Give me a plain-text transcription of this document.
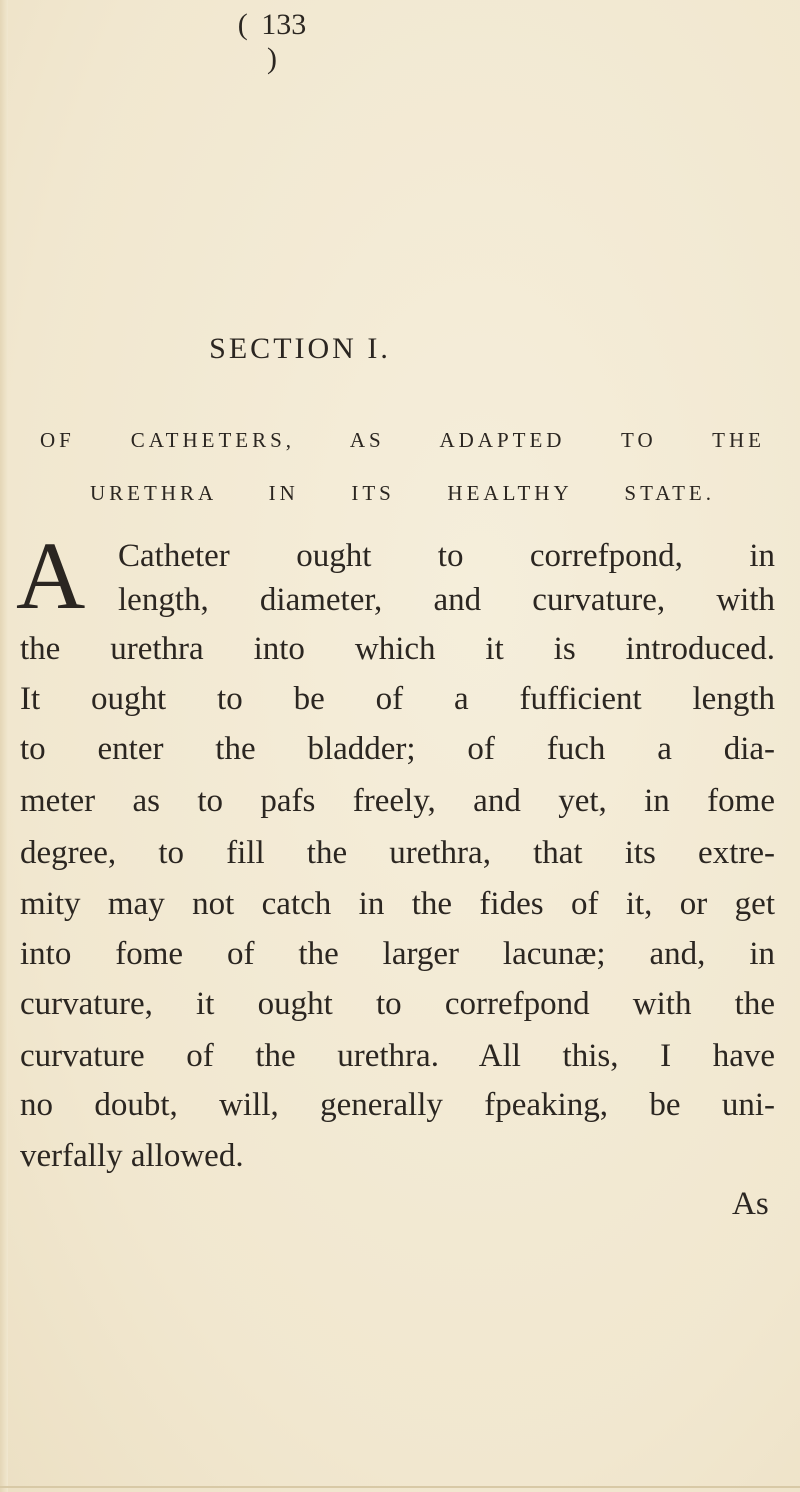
( 133 )
SECTION I.
OF CATHETERS, AS ADAPTED TO THE
URETHRA IN ITS HEALTHY STATE.
A Catheter ought to correfpond, in
length, diameter, and curvature, with
the urethra into which it is introduced.
It ought to be of a fufficient length
to enter the bladder; of fuch a dia-
meter as to pafs freely, and yet, in fome
degree, to fill the urethra, that its extre-
mity may not catch in the fides of it, or get
into fome of the larger lacunæ; and, in
curvature, it ought to correfpond with the
curvature of the urethra. All this, I have
no doubt, will, generally fpeaking, be uni-
verfally allowed.
As
